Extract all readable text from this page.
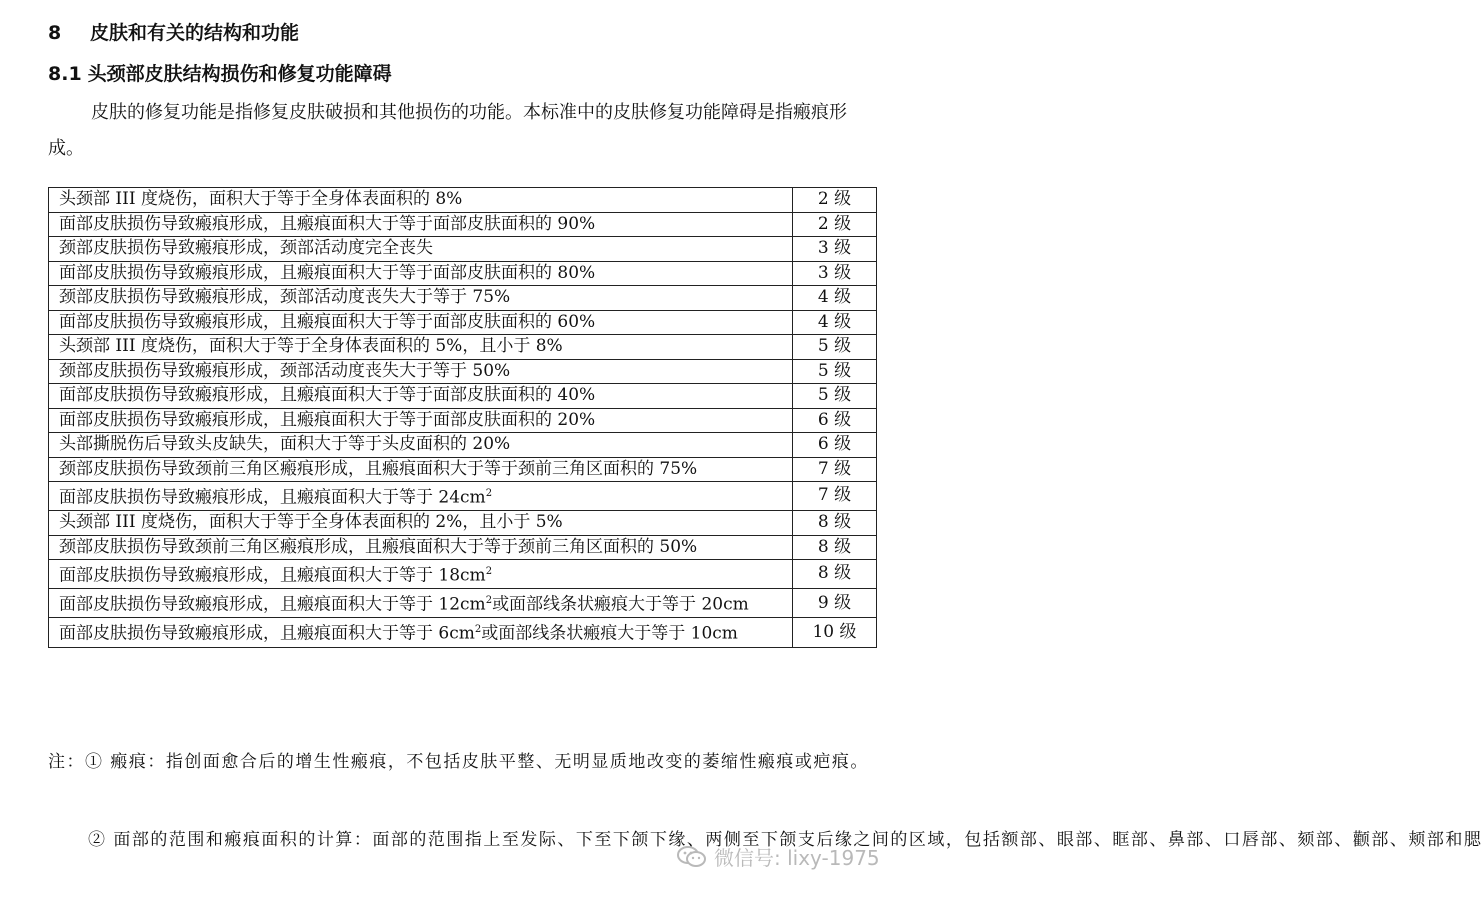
8 皮肤和有关的结构和功能
8.1 头颈部皮肤结构损伤和修复功能障碍

皮肤的修复功能是指修复皮肤破损和其他损伤的功能。本标准中的皮肤修复功能障碍是指瘢痕形成。

头颈部 III 度烧伤，面积大于等于全身体表面积的 8%	2 级
面部皮肤损伤导致瘢痕形成，且瘢痕面积大于等于面部皮肤面积的 90%	2 级
颈部皮肤损伤导致瘢痕形成，颈部活动度完全丧失	3 级
面部皮肤损伤导致瘢痕形成，且瘢痕面积大于等于面部皮肤面积的 80%	3 级
颈部皮肤损伤导致瘢痕形成，颈部活动度丧失大于等于 75%	4 级
面部皮肤损伤导致瘢痕形成，且瘢痕面积大于等于面部皮肤面积的 60%	4 级
头颈部 III 度烧伤，面积大于等于全身体表面积的 5%，且小于 8%	5 级
颈部皮肤损伤导致瘢痕形成，颈部活动度丧失大于等于 50%	5 级
面部皮肤损伤导致瘢痕形成，且瘢痕面积大于等于面部皮肤面积的 40%	5 级
面部皮肤损伤导致瘢痕形成，且瘢痕面积大于等于面部皮肤面积的 20%	6 级
头部撕脱伤后导致头皮缺失，面积大于等于头皮面积的 20%	6 级
颈部皮肤损伤导致颈前三角区瘢痕形成，且瘢痕面积大于等于颈前三角区面积的 75%	7 级
面部皮肤损伤导致瘢痕形成，且瘢痕面积大于等于 $24cm^2$	7 级
头颈部 III 度烧伤，面积大于等于全身体表面积的 2%，且小于 5%	8 级
颈部皮肤损伤导致颈前三角区瘢痕形成，且瘢痕面积大于等于颈前三角区面积的 50%	8 级
面部皮肤损伤导致瘢痕形成，且瘢痕面积大于等于 $18cm^2$	8 级
面部皮肤损伤导致瘢痕形成，且瘢痕面积大于等于 $12cm^2$或面部线条状瘢痕大于等于 20cm	9 级
面部皮肤损伤导致瘢痕形成，且瘢痕面积大于等于 $6cm^2$或面部线条状瘢痕大于等于 10cm	10 级
注：① 瘢痕：指创面愈合后的增生性瘢痕，不包括皮肤平整、无明显质地改变的萎缩性瘢痕或疤痕。
② 面部的范围和瘢痕面积的计算：面部的范围指上至发际、下至下颌下缘、两侧至下颌支后缘之间的区域，包括额部、眼部、眶部、鼻部、口唇部、颏部、颧部、颊部和腮
微信号: lixy-1975
